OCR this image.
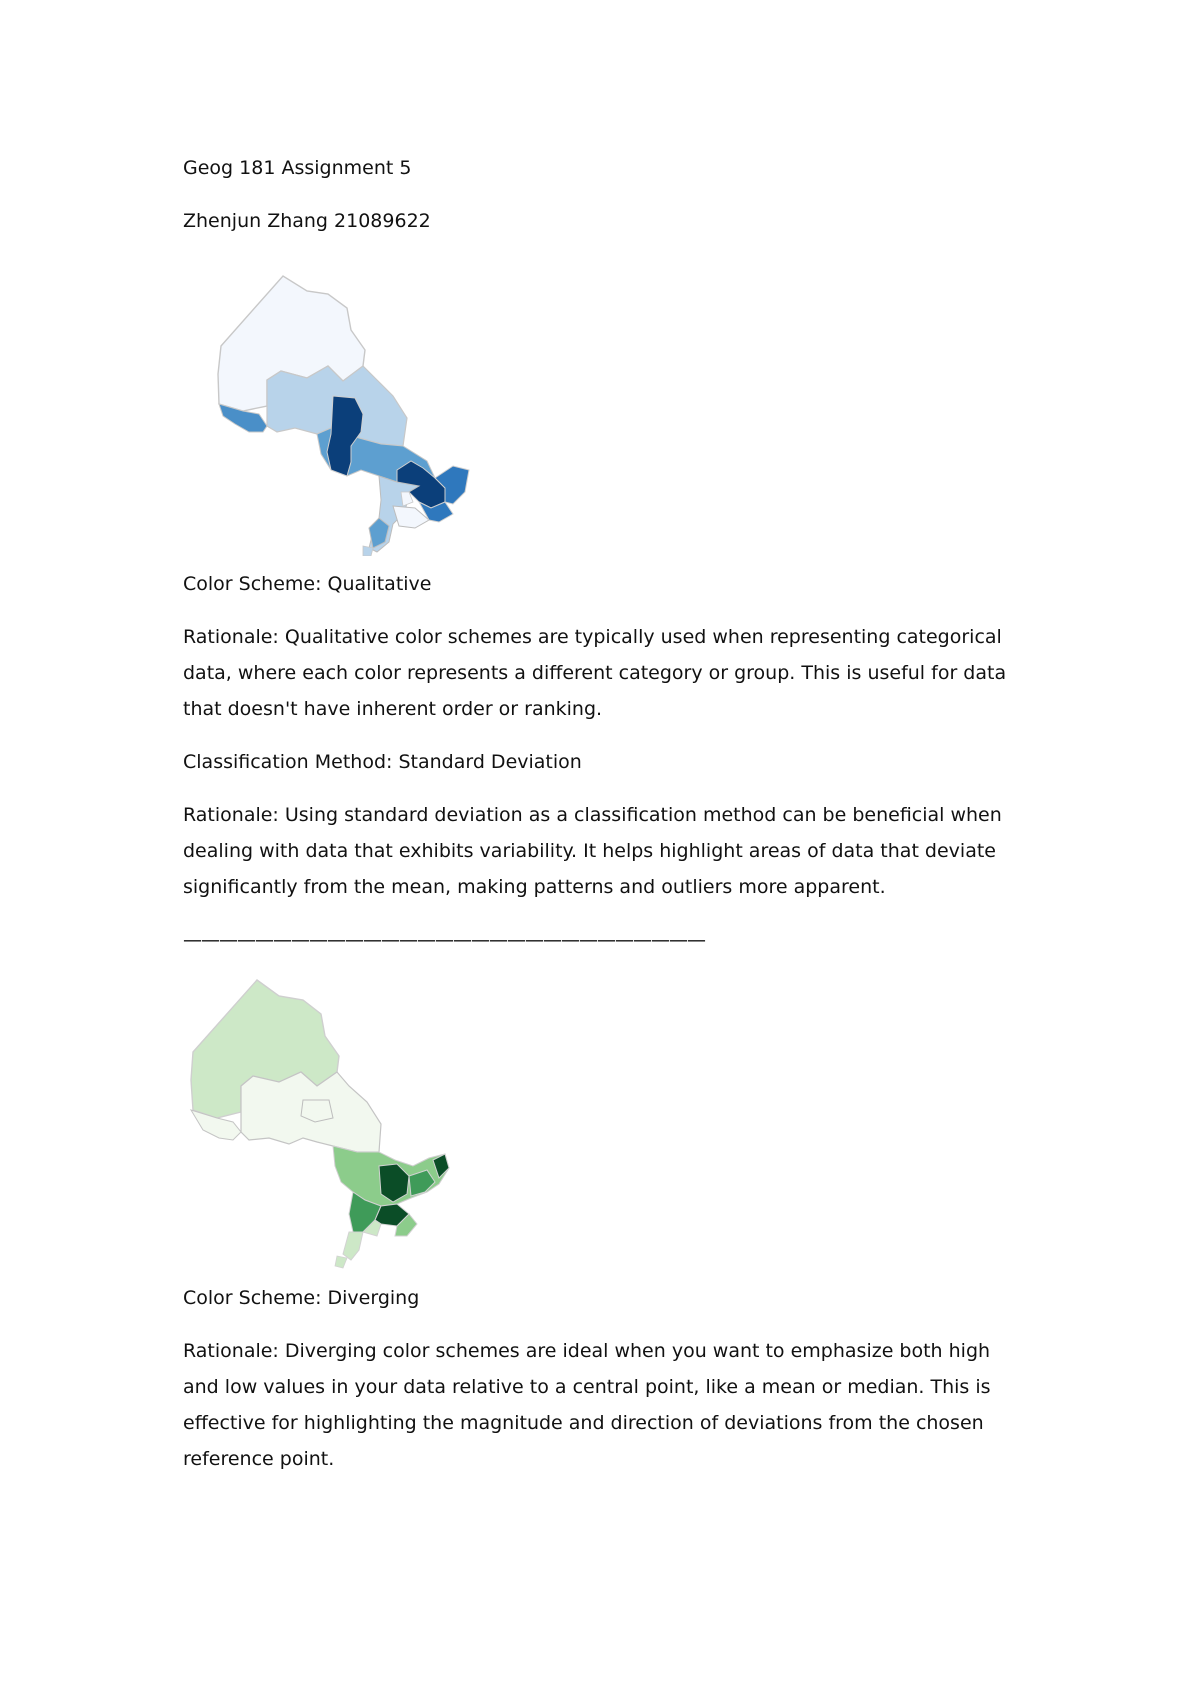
Geog 181 Assignment 5
Zhenjun Zhang 21089622
Color Scheme: Qualitative
Rationale: Qualitative color schemes are typically used when representing categorical data, where each color represents a different category or group. This is useful for data that doesn't have inherent order or ranking.
Classification Method: Standard Deviation
Rationale: Using standard deviation as a classification method can be beneficial when dealing with data that exhibits variability. It helps highlight areas of data that deviate significantly from the mean, making patterns and outliers more apparent.
—————————————————————————————
Color Scheme: Diverging
Rationale: Diverging color schemes are ideal when you want to emphasize both high and low values in your data relative to a central point, like a mean or median. This is effective for highlighting the magnitude and direction of deviations from the chosen reference point.
